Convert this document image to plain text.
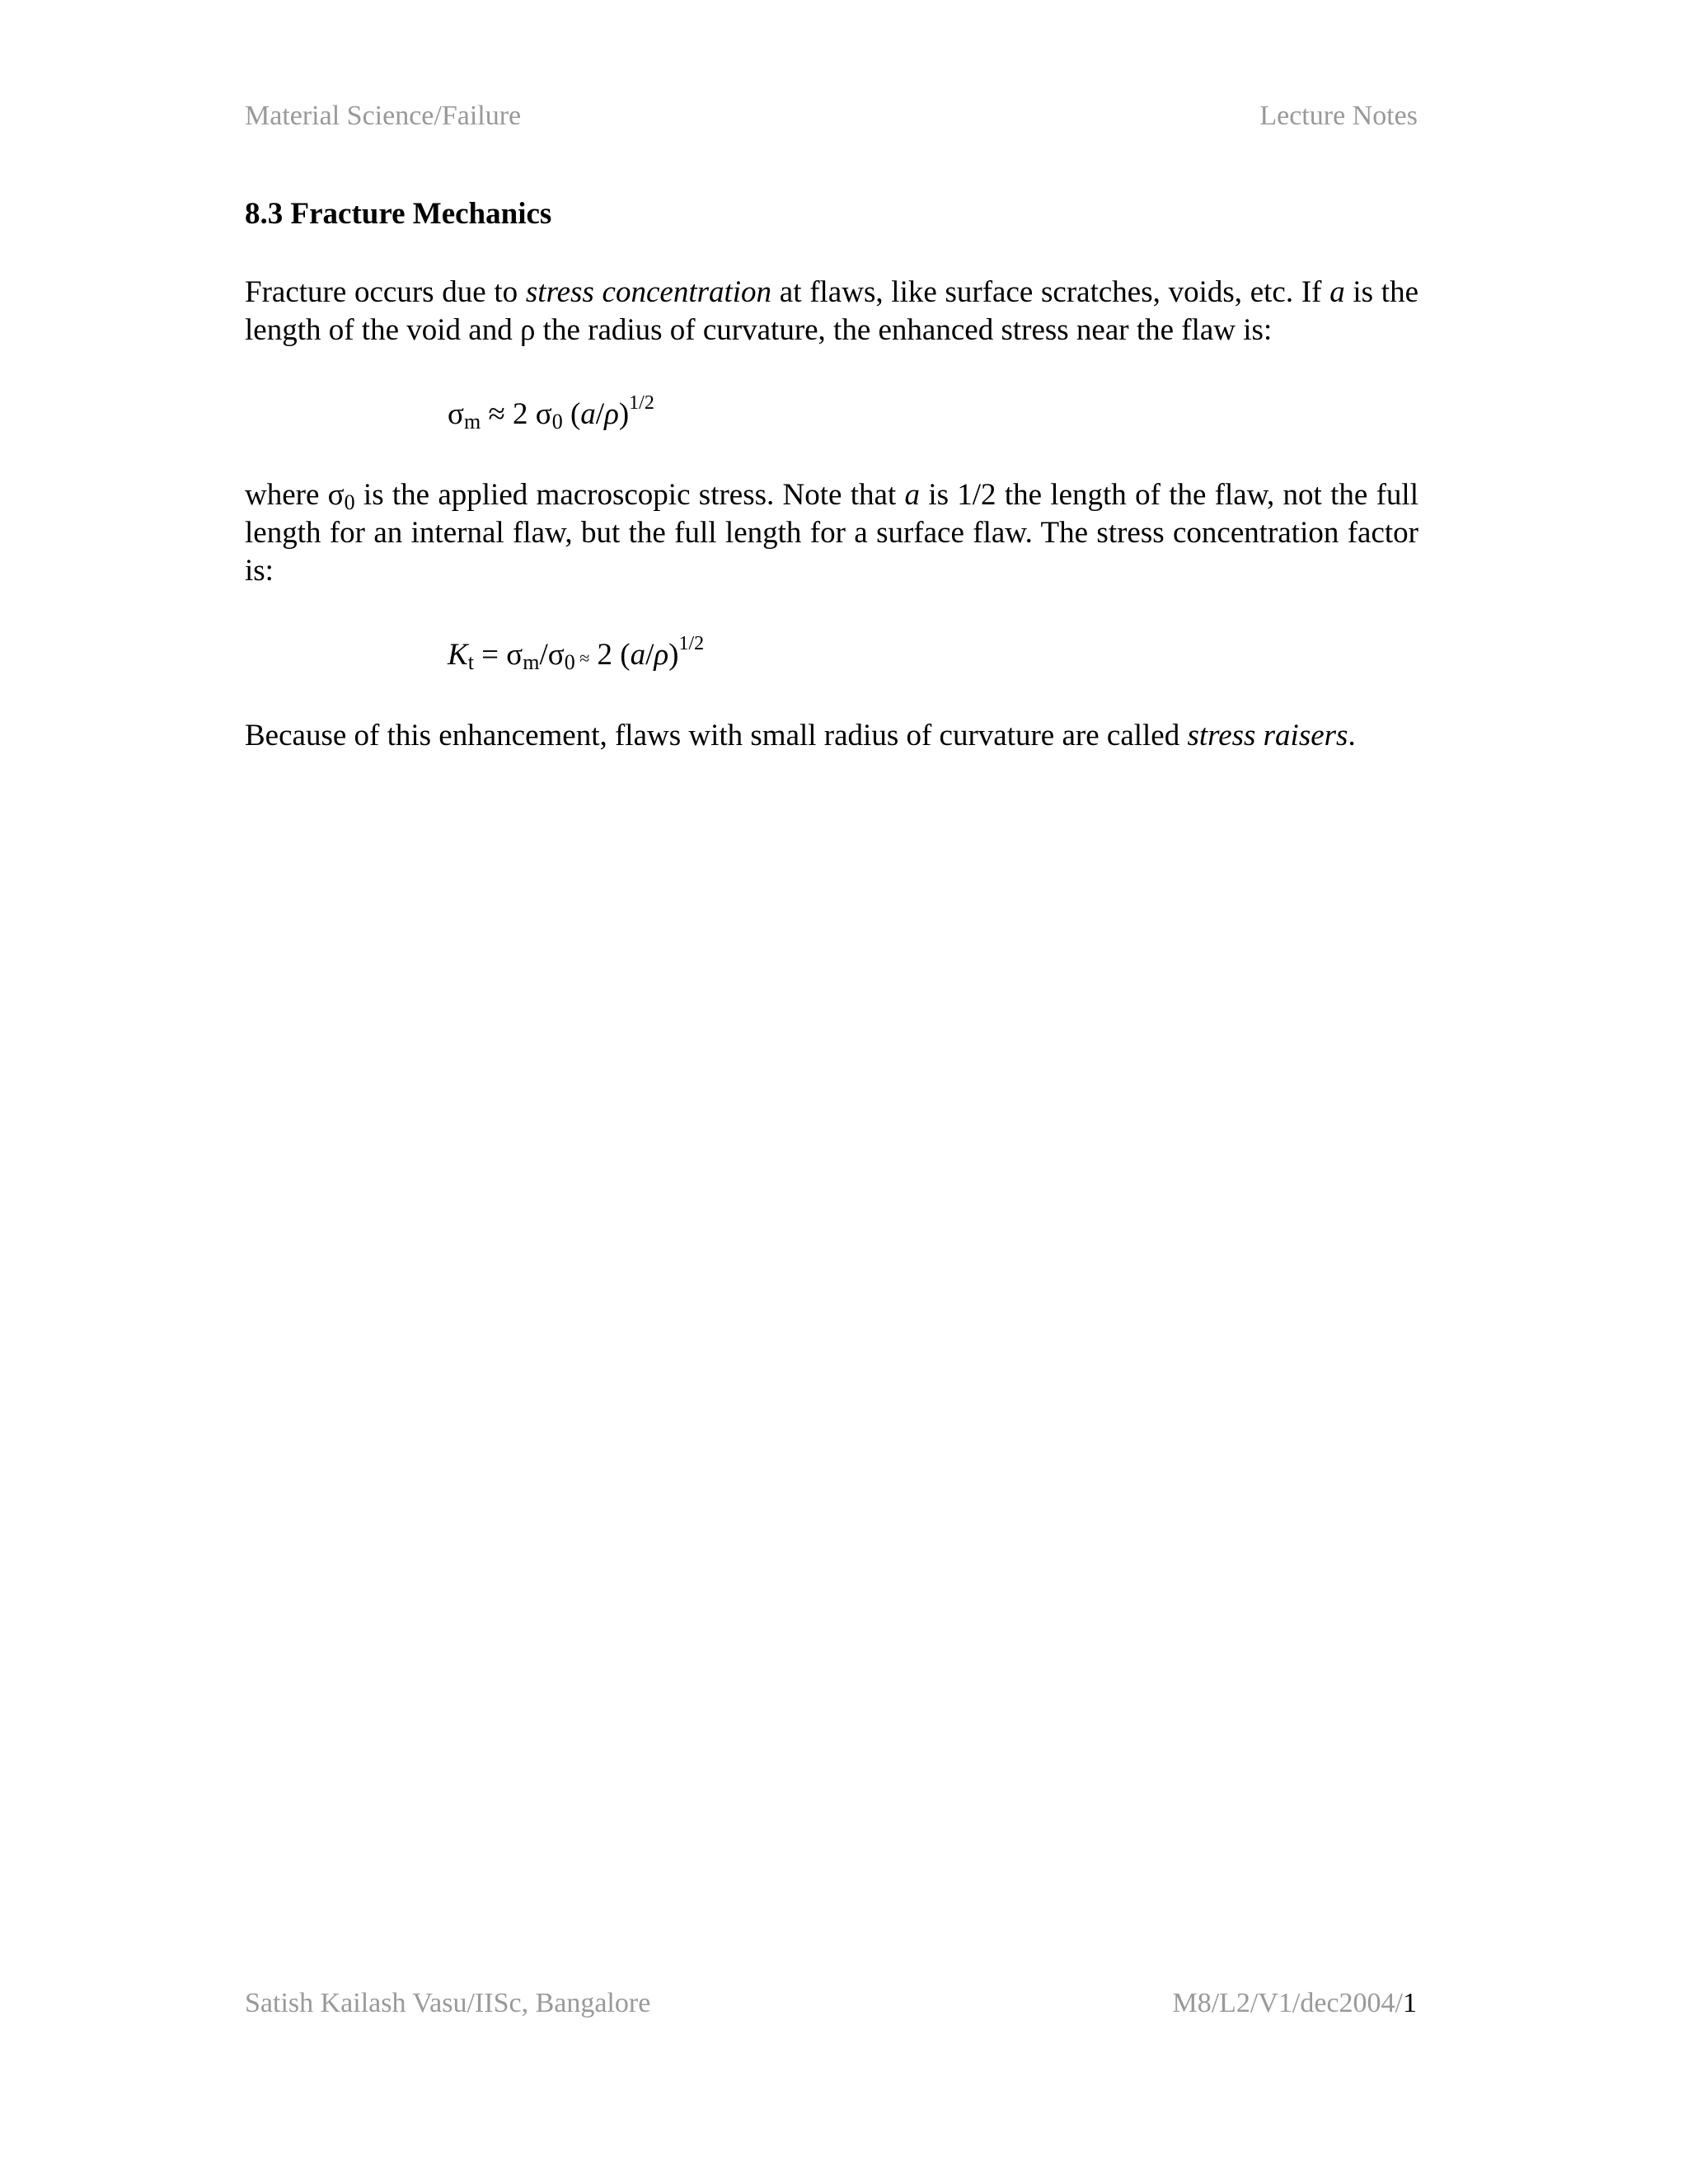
Material Science/Failure	Lecture Notes
8.3 Fracture Mechanics

Fracture occurs due to stress concentration at flaws, like surface scratches, voids, etc. If a is the length of the void and ρ the radius of curvature, the enhanced stress near the flaw is:

$\sigma_m \approx 2$ $\sigma_0$ $(a/\rho)^{1/2}$

where $\sigma_0$ is the applied macroscopic stress. Note that a is 1/2 the length of the flaw, not the full length for an internal flaw, but the full length for a surface flaw. The stress concentration factor is:

$K_t = \sigma_m/\sigma_0 \approx 2$ $(a/\rho)^{1/2}$

Because of this enhancement, flaws with small radius of curvature are called stress raisers.

Satish Kailash Vasu/IISc, Bangalore	M8/L2/V1/dec2004/1
